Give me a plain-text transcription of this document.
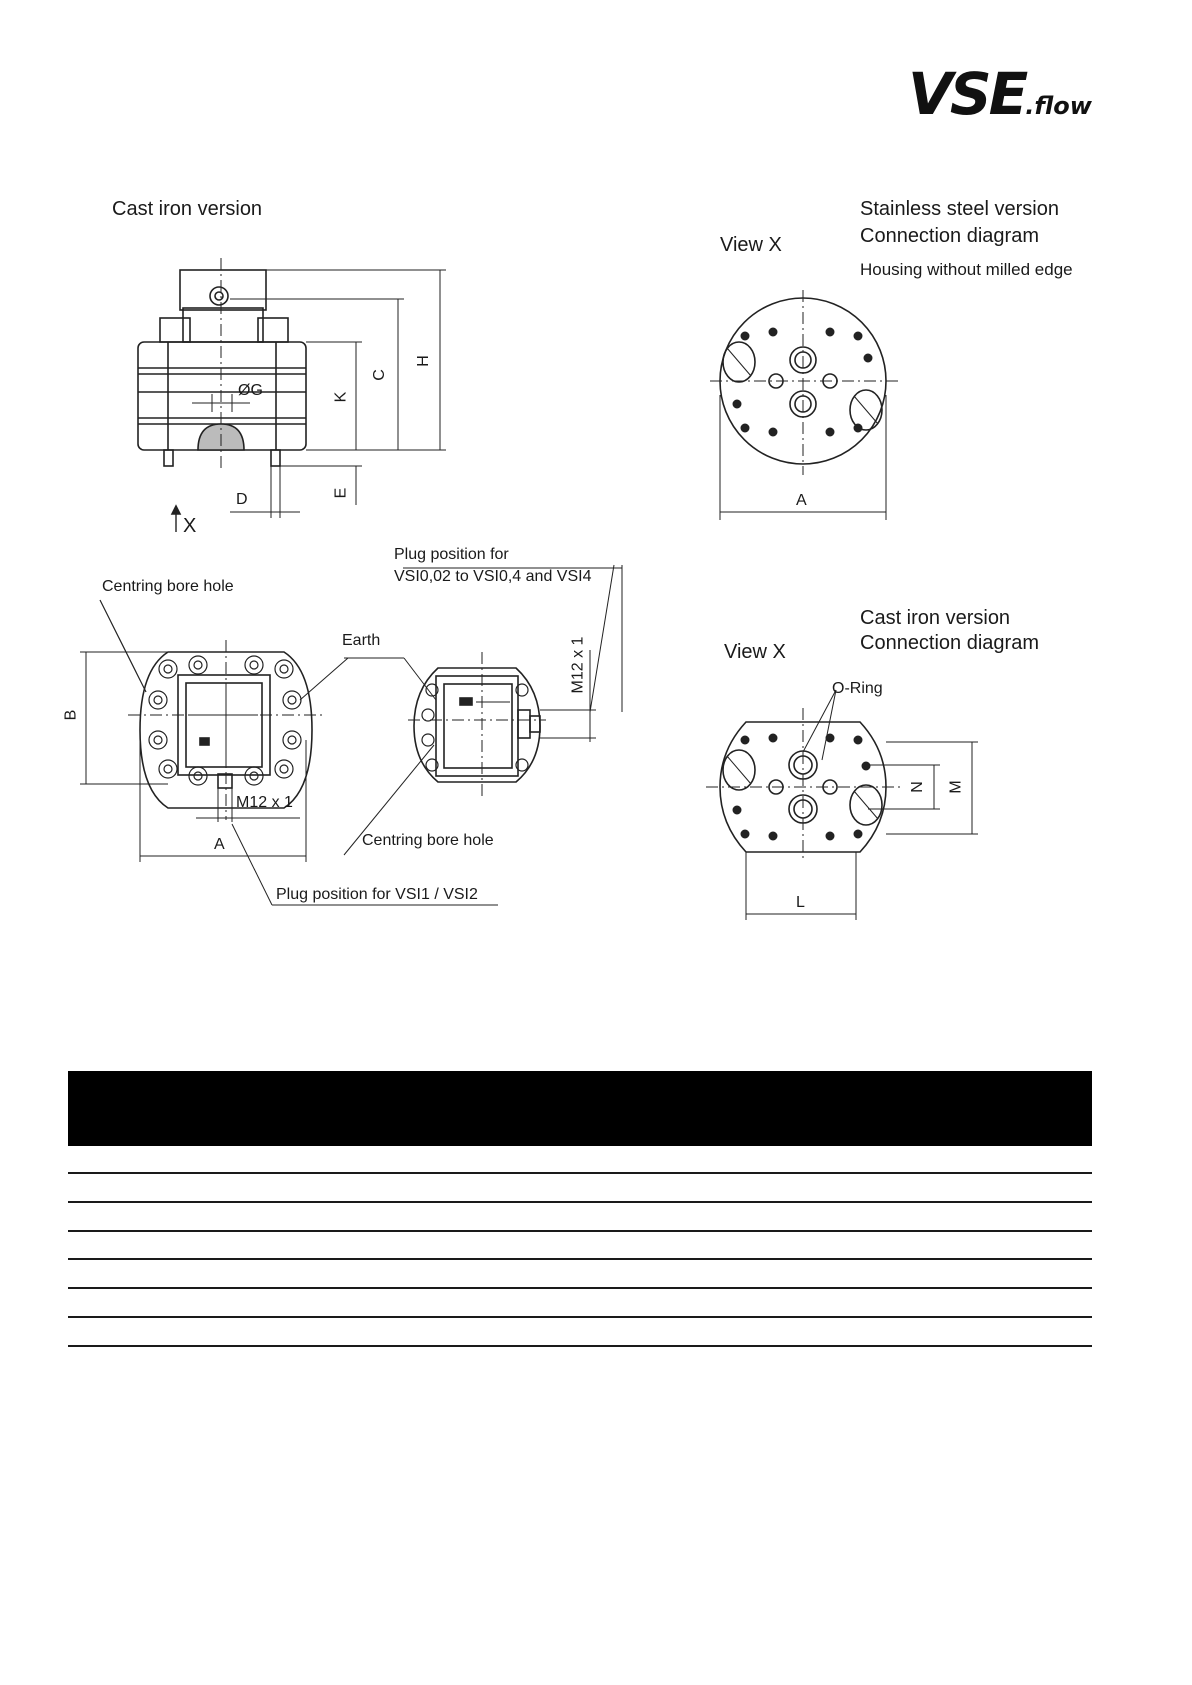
VSE.flow
Cast iron version	Stainless steel version
Connection diagram
Housing without milled edge
View X
Cast iron version
Connection diagram
View X
O-Ring
Plug position for
VSI0,02 to VSI0,4 and VSI4
Centring bore hole
Earth
Centring bore hole
M12 x 1
M12 x 1
Plug position for VSI1 / VSI2
X
ØG	K
C
H
D	E
B
A
A
N M
L
